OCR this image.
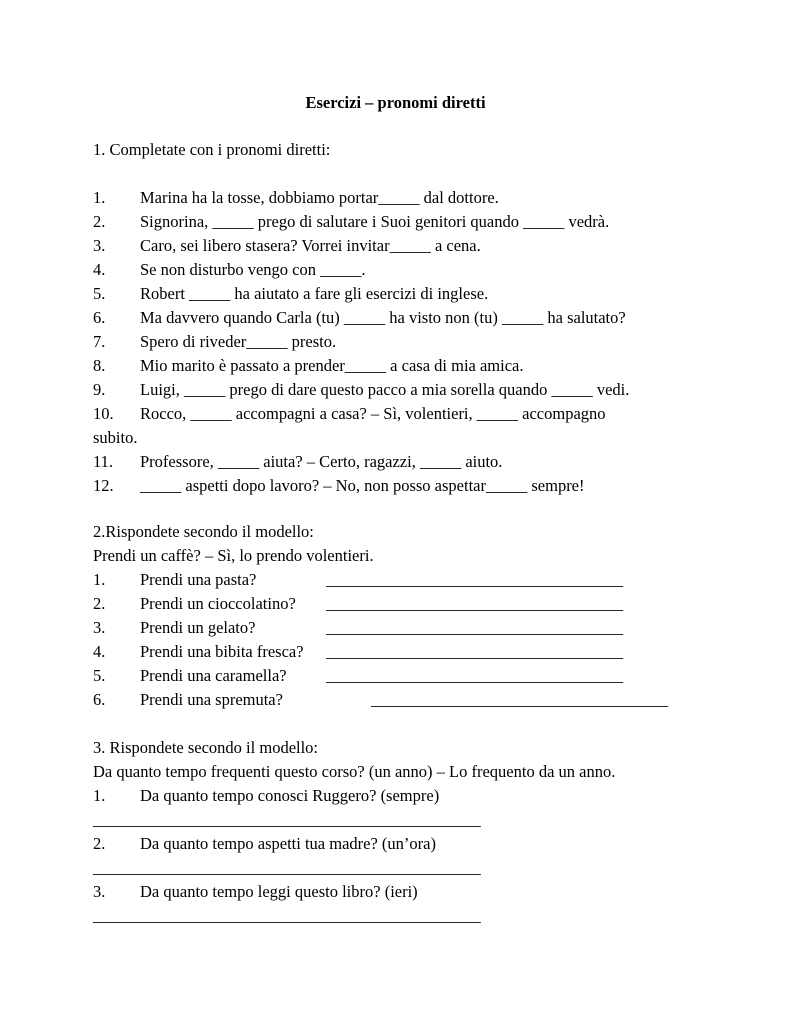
Esercizi – pronomi diretti
1. Completate con i pronomi diretti:
1. Marina ha la tosse, dobbiamo portar_____ dal dottore.
2. Signorina, _____ prego di salutare i Suoi genitori quando _____ vedrà.
3. Caro, sei libero stasera? Vorrei invitar_____ a cena.
4. Se non disturbo vengo con _____.
5. Robert _____ ha aiutato a fare gli esercizi di inglese.
6. Ma davvero quando Carla (tu) _____ ha visto non (tu) _____ ha salutato?
7. Spero di riveder_____ presto.
8. Mio marito è passato a prender_____ a casa di mia amica.
9. Luigi, _____ prego di dare questo pacco a mia sorella quando _____ vedi.
10. Rocco, _____ accompagni a casa? – Sì, volentieri, _____ accompagno
subito.
11. Professore, _____ aiuta? – Certo, ragazzi, _____ aiuto.
12. _____ aspetti dopo lavoro? – No, non posso aspettar_____ sempre!
2.Rispondete secondo il modello:
Prendi un caffè? – Sì, lo prendo volentieri.
1. Prendi una pasta?	____________________________________
2. Prendi un cioccolatino? ____________________________________
3. Prendi un gelato?	____________________________________
4. Prendi una bibita fresca? ____________________________________
5. Prendi una caramella? ____________________________________
6. Prendi una spremuta?	____________________________________
3. Rispondete secondo il modello:
Da quanto tempo frequenti questo corso? (un anno) – Lo frequento da un anno.
1. Da quanto tempo conosci Ruggero? (sempre)
_______________________________________________
2. Da quanto tempo aspetti tua madre? (un’ora)
_______________________________________________
3. Da quanto tempo leggi questo libro? (ieri)
_______________________________________________
